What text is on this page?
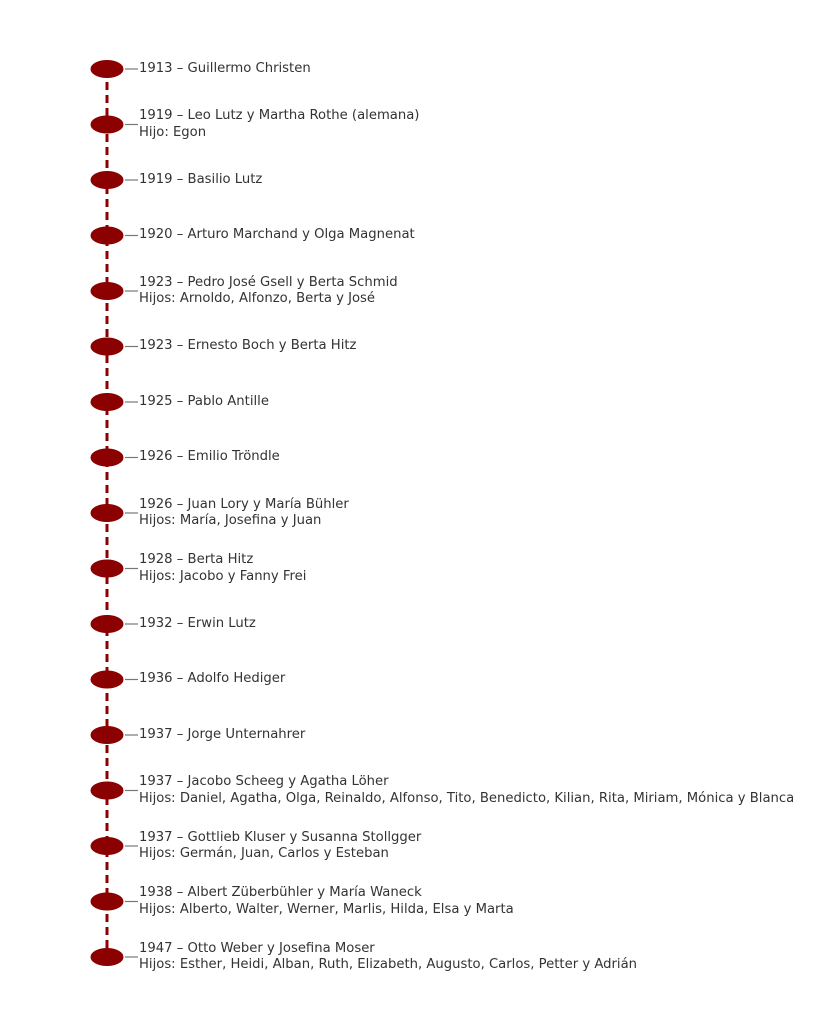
1913 – Guillermo Christen
1919 – Leo Lutz y Martha Rothe (alemana)
Hijo: Egon
1919 – Basilio Lutz
1920 – Arturo Marchand y Olga Magnenat
1923 – Pedro José Gsell y Berta Schmid
Hijos: Arnoldo, Alfonzo, Berta y José
1923 – Ernesto Boch y Berta Hitz
1925 – Pablo Antille
1926 – Emilio Tröndle
1926 – Juan Lory y María Bühler
Hijos: María, Josefina y Juan
1928 – Berta Hitz
Hijos: Jacobo y Fanny Frei
1932 – Erwin Lutz
1936 – Adolfo Hediger
1937 – Jorge Unternahrer
1937 – Jacobo Scheeg y Agatha Löher
Hijos: Daniel, Agatha, Olga, Reinaldo, Alfonso, Tito, Benedicto, Kilian, Rita, Miriam, Mónica y Blanca
1937 – Gottlieb Kluser y Susanna Stollgger
Hijos: Germán, Juan, Carlos y Esteban
1938 – Albert Züberbühler y María Waneck
Hijos: Alberto, Walter, Werner, Marlis, Hilda, Elsa y Marta
1947 – Otto Weber y Josefina Moser
Hijos: Esther, Heidi, Alban, Ruth, Elizabeth, Augusto, Carlos, Petter y Adrián
